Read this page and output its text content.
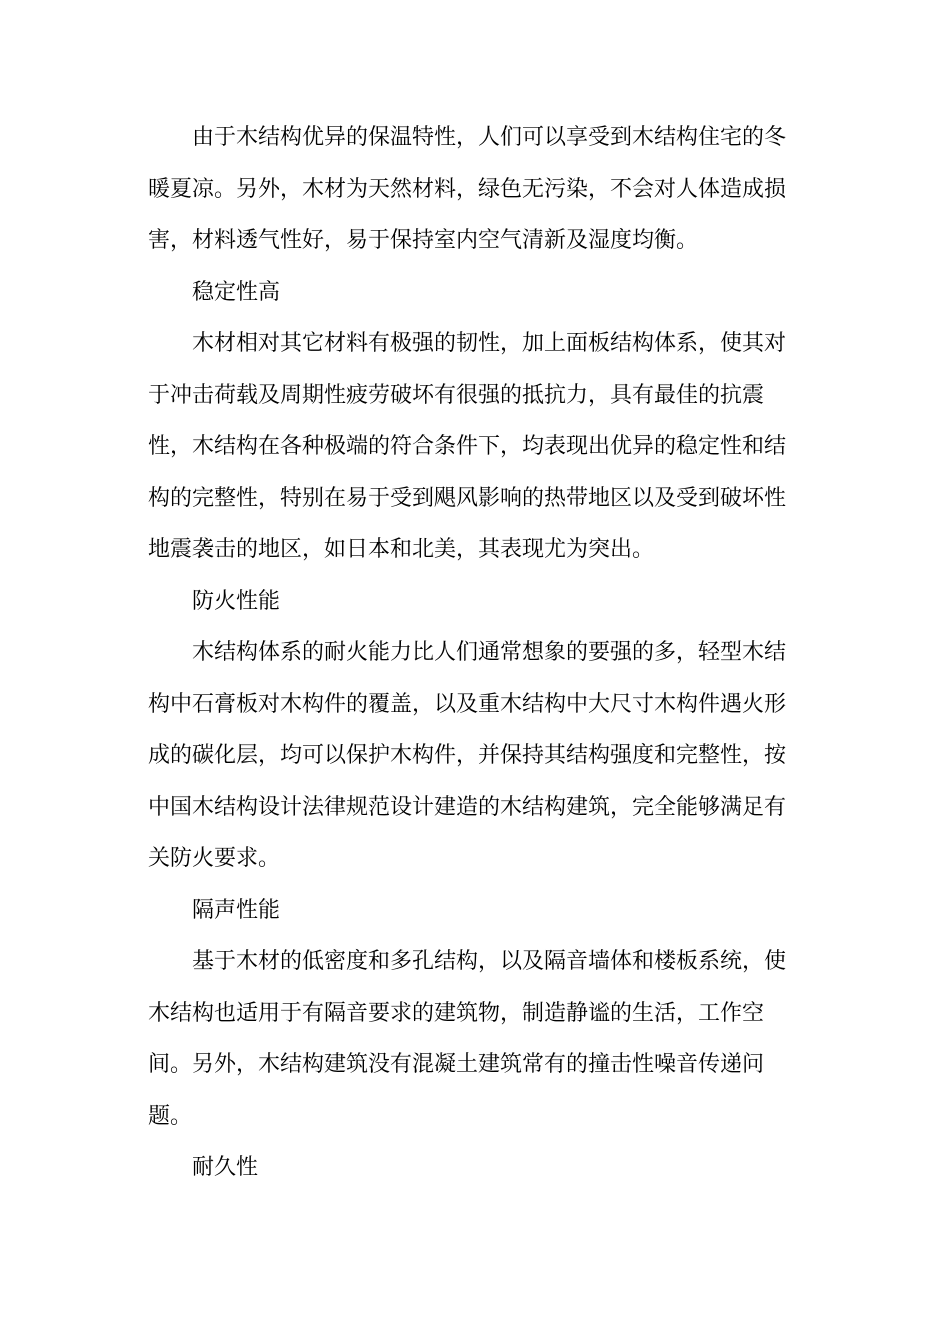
由于木结构优异的保温特性，人们可以享受到木结构住宅的冬
暖夏凉。另外，木材为天然材料，绿色无污染，不会对人体造成损
害，材料透气性好，易于保持室内空气清新及湿度均衡。

稳定性高

木材相对其它材料有极强的韧性，加上面板结构体系，使其对
于冲击荷载及周期性疲劳破坏有很强的抵抗力，具有最佳的抗震
性，木结构在各种极端的符合条件下，均表现出优异的稳定性和结
构的完整性，特别在易于受到飓风影响的热带地区以及受到破坏性
地震袭击的地区，如日本和北美，其表现尤为突出。

防火性能

木结构体系的耐火能力比人们通常想象的要强的多，轻型木结
构中石膏板对木构件的覆盖，以及重木结构中大尺寸木构件遇火形
成的碳化层，均可以保护木构件，并保持其结构强度和完整性，按
中国木结构设计法律规范设计建造的木结构建筑，完全能够满足有
关防火要求。

隔声性能

基于木材的低密度和多孔结构，以及隔音墙体和楼板系统，使
木结构也适用于有隔音要求的建筑物，制造静谧的生活，工作空
间。另外，木结构建筑没有混凝土建筑常有的撞击性噪音传递问
题。

耐久性
